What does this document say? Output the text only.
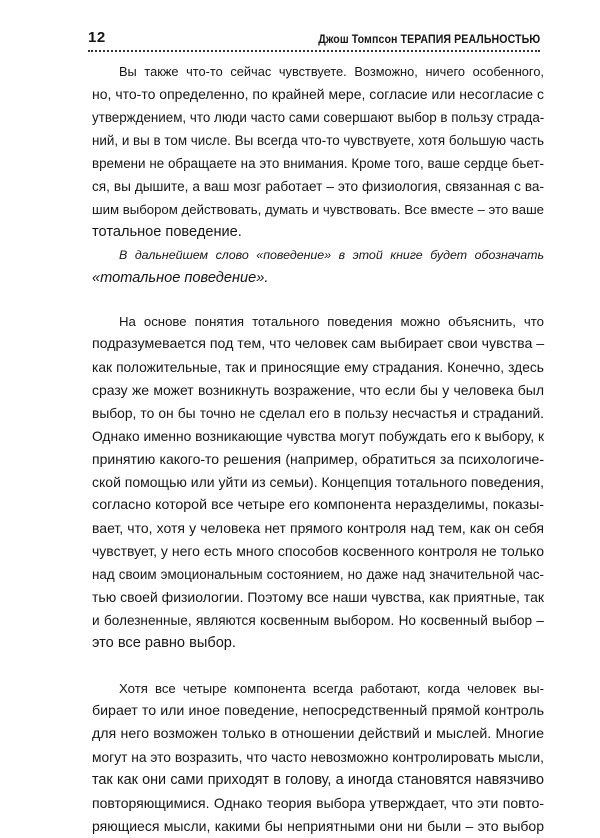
12	Джош Томпсон ТЕРАПИЯ РЕАЛЬНОСТЬЮ

Вы также что-то сейчас чувствуете. Возможно, ничего особенного,
но, что-то определенно, по крайней мере, согласие или несогласие с
утверждением, что люди часто сами совершают выбор в пользу страда-
ний, и вы в том числе. Вы всегда что-то чувствуете, хотя большую часть
времени не обращаете на это внимания. Кроме того, ваше сердце бьет-
ся, вы дышите, а ваш мозг работает – это физиология, связанная с ва-
шим выбором действовать, думать и чувствовать. Все вместе – это ваше
тотальное поведение.

В дальнейшем слово «поведение» в этой книге будет обозначать
«тотальное поведение».

На основе понятия тотального поведения можно объяснить, что
подразумевается под тем, что человек сам выбирает свои чувства –
как положительные, так и приносящие ему страдания. Конечно, здесь
сразу же может возникнуть возражение, что если бы у человека был
выбор, то он бы точно не сделал его в пользу несчастья и страданий.
Однако именно возникающие чувства могут побуждать его к выбору, к
принятию какого-то решения (например, обратиться за психологиче-
ской помощью или уйти из семьи). Концепция тотального поведения,
согласно которой все четыре его компонента неразделимы, показы-
вает, что, хотя у человека нет прямого контроля над тем, как он себя
чувствует, у него есть много способов косвенного контроля не только
над своим эмоциональным состоянием, но даже над значительной час-
тью своей физиологии. Поэтому все наши чувства, как приятные, так
и болезненные, являются косвенным выбором. Но косвенный выбор –
это все равно выбор.

Хотя все четыре компонента всегда работают, когда человек вы-
бирает то или иное поведение, непосредственный прямой контроль
для него возможен только в отношении действий и мыслей. Многие
могут на это возразить, что часто невозможно контролировать мысли,
так как они сами приходят в голову, а иногда становятся навязчиво
повторяющимися. Однако теория выбора утверждает, что эти повто-
ряющиеся мысли, какими бы неприятными они ни были – это выбор
